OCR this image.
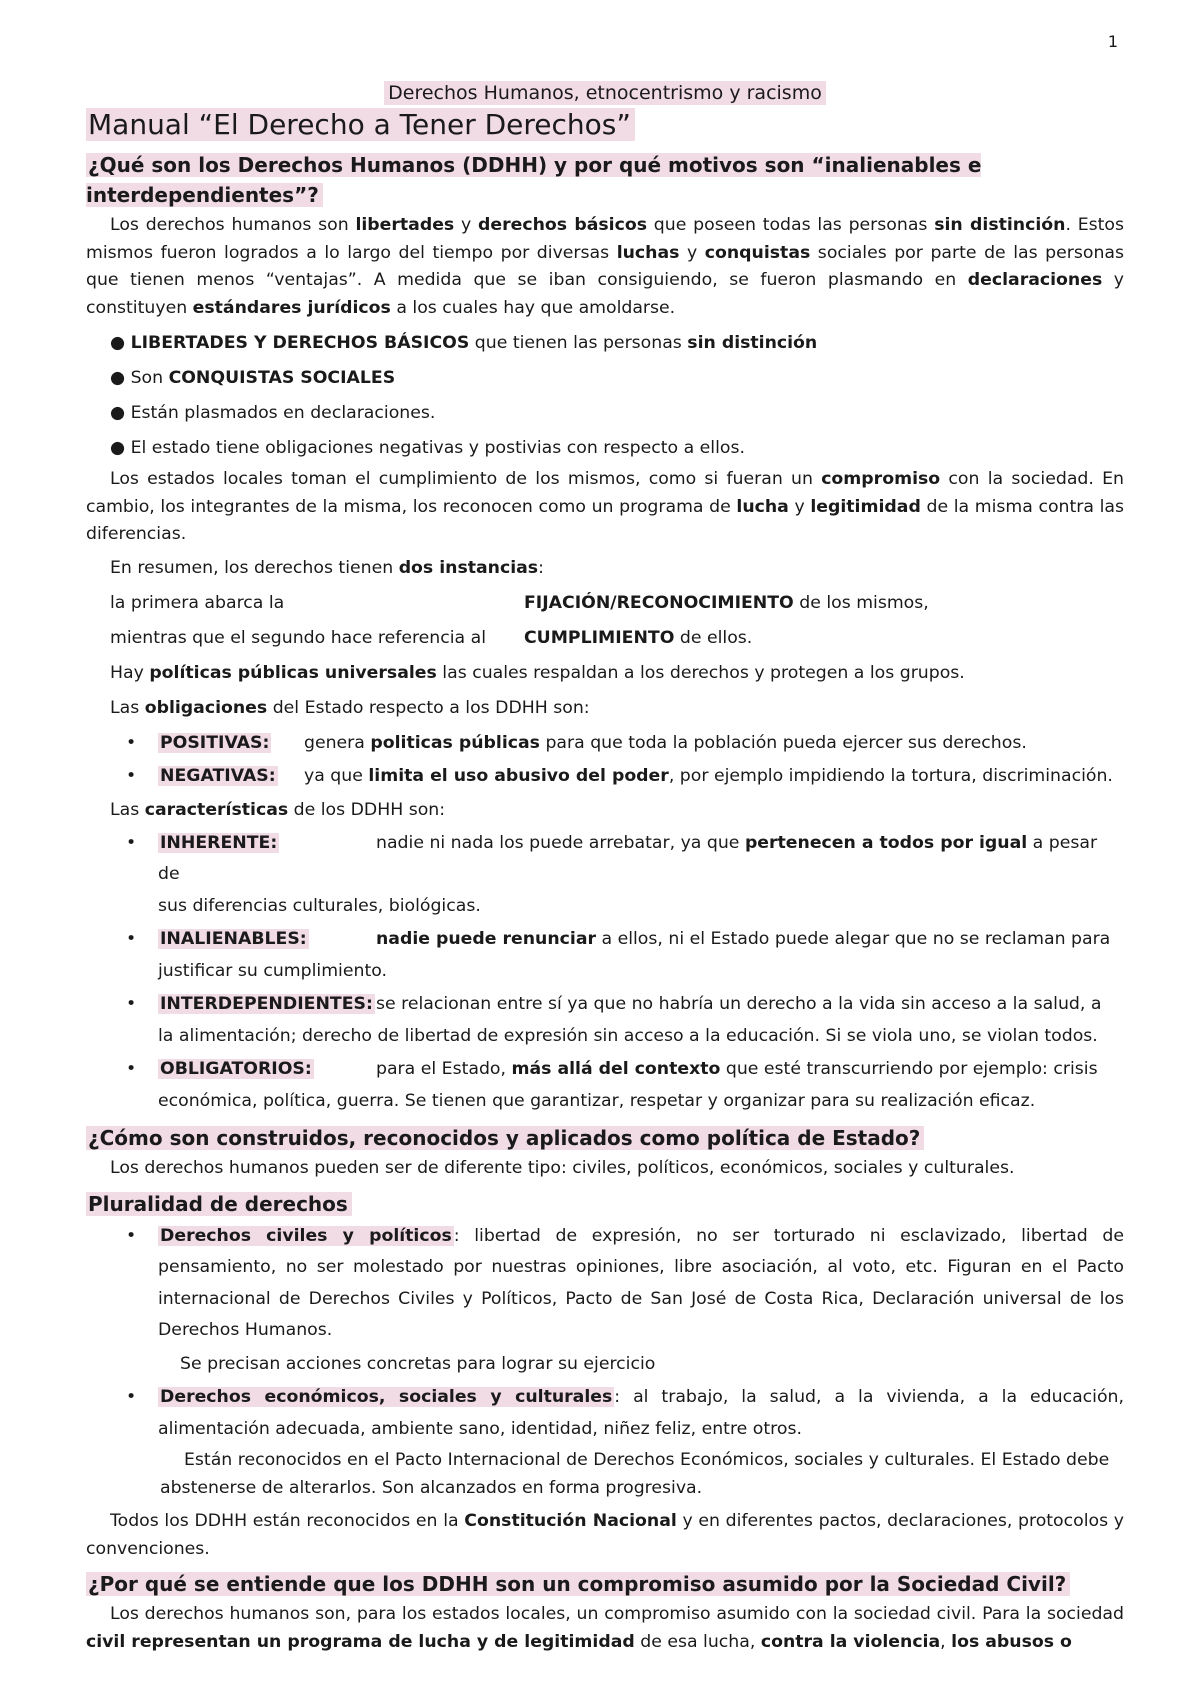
1
Derechos Humanos, etnocentrismo y racismo
Manual “El Derecho a Tener Derechos”
¿Qué son los Derechos Humanos (DDHH) y por qué motivos son “inalienables e interdependientes”?

Los derechos humanos son libertades y derechos básicos que poseen todas las personas sin distinción. Estos mismos fueron logrados a lo largo del tiempo por diversas luchas y conquistas sociales por parte de las personas que tienen menos “ventajas”. A medida que se iban consiguiendo, se fueron plasmando en declaraciones y constituyen estándares jurídicos a los cuales hay que amoldarse.

● LIBERTADES Y DERECHOS BÁSICOS que tienen las personas sin distinción
● Son CONQUISTAS SOCIALES
● Están plasmados en declaraciones.
● El estado tiene obligaciones negativas y postivias con respecto a ellos.

Los estados locales toman el cumplimiento de los mismos, como si fueran un compromiso con la sociedad. En cambio, los integrantes de la misma, los reconocen como un programa de lucha y legitimidad de la misma contra las diferencias.

En resumen, los derechos tienen dos instancias:

la primera abarca la	FIJACIÓN/RECONOCIMIENTO de los mismos,
mientras que el segundo hace referencia al	CUMPLIMIENTO de ellos.

Hay políticas públicas universales las cuales respaldan a los derechos y protegen a los grupos.

Las obligaciones del Estado respecto a los DDHH son:

• POSITIVAS: genera politicas públicas para que toda la población pueda ejercer sus derechos.
• NEGATIVAS: ya que limita el uso abusivo del poder, por ejemplo impidiendo la tortura, discriminación.

Las características de los DDHH son:

• INHERENTE:	nadie ni nada los puede arrebatar, ya que pertenecen a todos por igual a pesar de
sus diferencias culturales, biológicas.
• INALIENABLES:	nadie puede renunciar a ellos, ni el Estado puede alegar que no se reclaman para
justificar su cumplimiento.
• INTERDEPENDIENTES: se relacionan entre sí ya que no habría un derecho a la vida sin acceso a la salud, a
la alimentación; derecho de libertad de expresión sin acceso a la educación. Si se viola uno, se violan todos.
• OBLIGATORIOS:	para el Estado, más allá del contexto que esté transcurriendo por ejemplo: crisis
económica, política, guerra. Se tienen que garantizar, respetar y organizar para su realización eficaz.
¿Cómo son construidos, reconocidos y aplicados como política de Estado?

Los derechos humanos pueden ser de diferente tipo: civiles, políticos, económicos, sociales y culturales.

Pluralidad de derechos
• Derechos civiles y políticos : libertad de expresión, no ser torturado ni esclavizado, libertad de pensamiento, no ser molestado por nuestras opiniones, libre asociación, al voto, etc. Figuran en el Pacto internacional de Derechos Civiles y Políticos, Pacto de San José de Costa Rica, Declaración universal de los Derechos Humanos.
Se precisan acciones concretas para lograr su ejercicio
• Derechos económicos, sociales y culturales : al trabajo, la salud, a la vivienda, a la educación, alimentación adecuada, ambiente sano, identidad, niñez feliz, entre otros.
Están reconocidos en el Pacto Internacional de Derechos Económicos, sociales y culturales. El Estado debe abstenerse de alterarlos. Son alcanzados en forma progresiva.

Todos los DDHH están reconocidos en la Constitución Nacional y en diferentes pactos, declaraciones, protocolos y convenciones.

¿Por qué se entiende que los DDHH son un compromiso asumido por la Sociedad Civil?

Los derechos humanos son, para los estados locales, un compromiso asumido con la sociedad civil. Para la sociedad civil representan un programa de lucha y de legitimidad de esa lucha, contra la violencia, los abusos o
